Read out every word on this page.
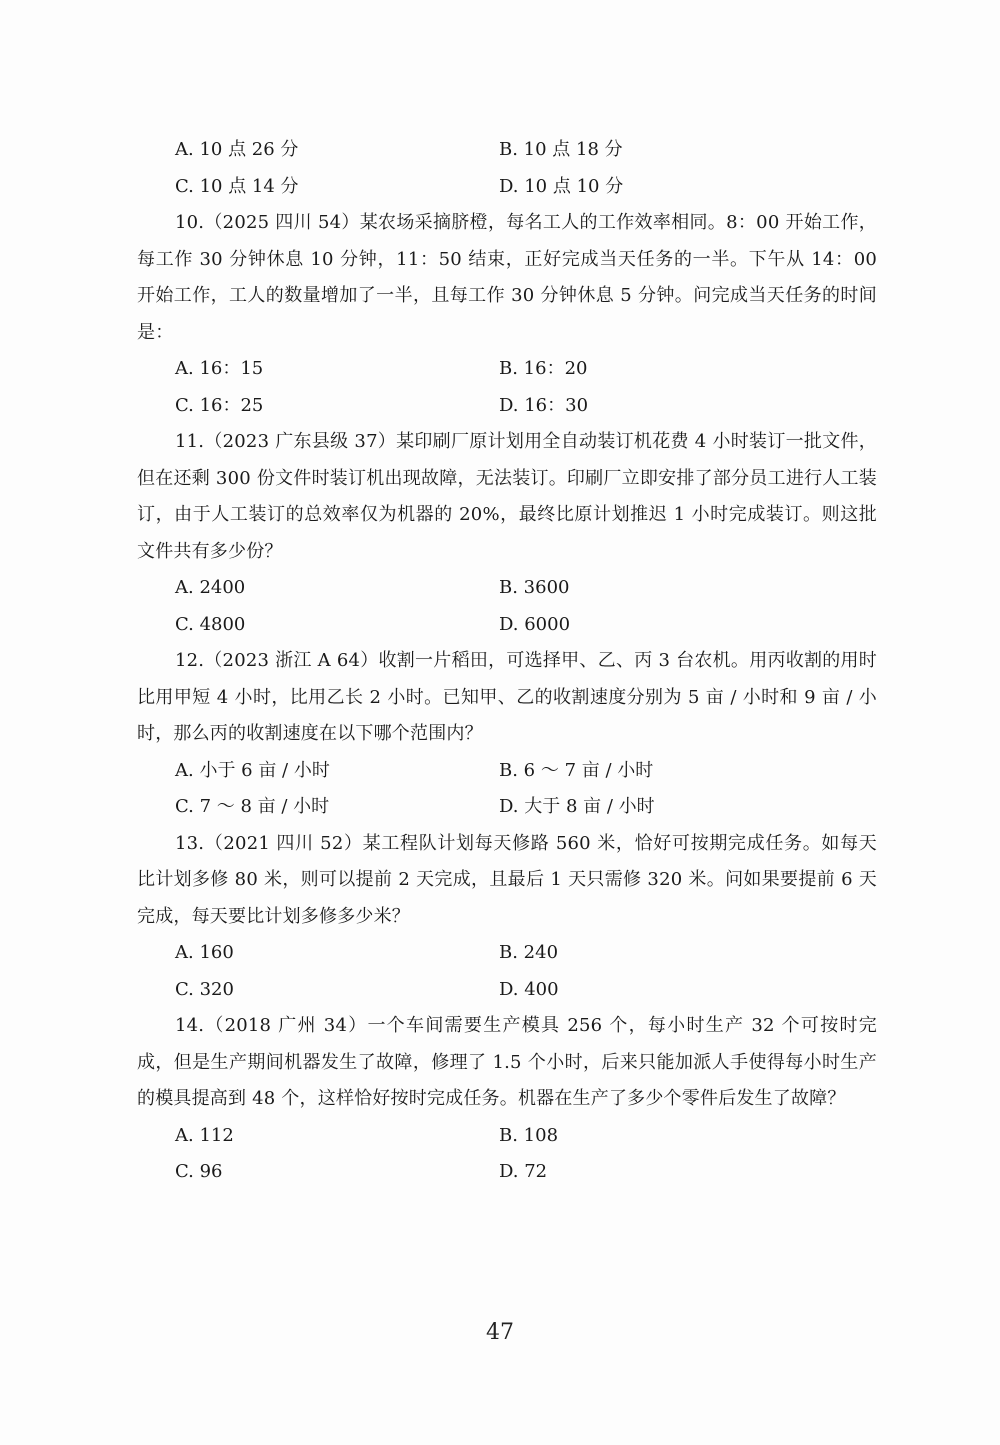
A. 10 点 26 分	B. 10 点 18 分
C. 10 点 14 分	D. 10 点 10 分
10.（2025 四川 54）某农场采摘脐橙，每名工人的工作效率相同。8：00 开始工作，每工作 30 分钟休息 10 分钟，11：50 结束，正好完成当天任务的一半。下午从 14：00 开始工作，工人的数量增加了一半，且每工作 30 分钟休息 5 分钟。问完成当天任务的时间是：
A. 16：15	B. 16：20
C. 16：25	D. 16：30
11.（2023 广东县级 37）某印刷厂原计划用全自动装订机花费 4 小时装订一批文件，但在还剩 300 份文件时装订机出现故障，无法装订。印刷厂立即安排了部分员工进行人工装订，由于人工装订的总效率仅为机器的 20%，最终比原计划推迟 1 小时完成装订。则这批文件共有多少份？
A. 2400	B. 3600
C. 4800	D. 6000
12.（2023 浙江 A 64）收割一片稻田，可选择甲、乙、丙 3 台农机。用丙收割的用时比用甲短 4 小时，比用乙长 2 小时。已知甲、乙的收割速度分别为 5 亩 / 小时和 9 亩 / 小时，那么丙的收割速度在以下哪个范围内？
A. 小于 6 亩 / 小时	B. 6 ～ 7 亩 / 小时
C. 7 ～ 8 亩 / 小时	D. 大于 8 亩 / 小时
13.（2021 四川 52）某工程队计划每天修路 560 米，恰好可按期完成任务。如每天比计划多修 80 米，则可以提前 2 天完成，且最后 1 天只需修 320 米。问如果要提前 6 天完成，每天要比计划多修多少米？
A. 160	B. 240
C. 320	D. 400
14.（2018 广州 34）一个车间需要生产模具 256 个，每小时生产 32 个可按时完成，但是生产期间机器发生了故障，修理了 1.5 个小时，后来只能加派人手使得每小时生产的模具提高到 48 个，这样恰好按时完成任务。机器在生产了多少个零件后发生了故障？
A. 112	B. 108
C. 96	D. 72
47
